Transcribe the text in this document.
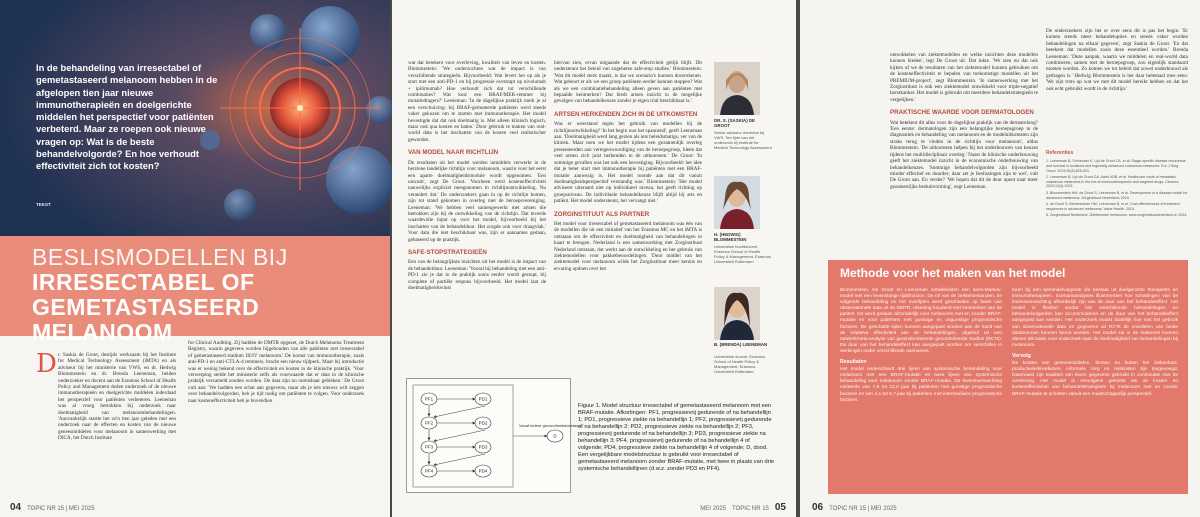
In de behandeling van irresectabel of gemetastaseerd melanoom hebben in de afgelopen tien jaar nieuwe immunotherapieën en doelgerichte middelen het perspectief voor patiënten verbeterd. Maar ze roepen ook nieuwe vragen op: Wat is de beste behandelvolgorde? En hoe verhoudt effectiviteit zich tot kosten?
TEKST
BESLISMODELLEN BIJ IRRESECTABEL OF GEMETASTASEERD MELANOOM
D r. Saskia de Groot, destijds werkzaam bij het Institute for Medical Technology Assessment (iMTA) en als adviseur bij het ministerie van VWS, en dr. Hedwig Blommestein en dr. Brenda Leeneman, beiden onderzoeker en docent aan de Erasmus School of Health Policy and Management deden onderzoek of de nieuwe immunotherapieën en doelgerichte middelen inderdaad het perspectief voor patiënten verbeteren. Leeneman was al vroeg betrokken bij onderzoek naar doelmatigheid van melanoombehandelingen. 'Aanvankelijk startte het zo'n tien jaar geleden met een onderzoek naar de effecten en kosten van de nieuwe geneesmiddelen voor melanoom in samenwerking met DICA, het Dutch Institute
for Clinical Auditing. Zij hadden de DMTR opgezet, de Dutch Melanoma Treatment Registry, waarin gegevens worden bijgehouden van alle patiënten met irresectabel of gemetastaseerd stadium III/IV melanoom.' De komst van immunotherapie, zoals anti-PD-1 en anti-CTLA-4 remmers, bracht een nieuw tijdperk. Maar bij introductie was er weinig bekend over de effectiviteit en kosten in de klinische praktijk. 'Voor verwerping stelde het ministerie zelfs als voorwaarde dat er data in de klinische praktijk verzameld zouden worden. De data zijn nu onmisbaar gebleken.' De Groot vult aan: 'We hadden een schat aan gegevens, maar als je iets nieuws wilt zeggen over behandelvolgorden, heb je tijd nodig om patiënten te volgen. Voor onderzoek naar kosteneffectiviteit heb je bovendien
04 TOPIC NR 15 | MEI 2025
wat dat betekent voor overleving, kwaliteit van leven en kosten. Blommestein: 'We onderzochten wat de impact is van verschillende strategieën. Bijvoorbeeld: Wat levert het op als je start met een anti-PD-1 en bij progressie overstapt op nivolumab + ipilimumab? Hoe verhoudt zich dat tot verschillende combinaties? Wat kost een BRAF/MEK-remmer bij mutatiedragers?' Leeneman: 'In de dagelijkse praktijk merk je al een verschuiving: bij BRAF-gemuteerde patiënten werd steeds vaker gekozen om te starten met immunotherapie. Het model bevestigde dat dat ook doelmatig is. Met alleen klinisch logisch, maar ook qua kosten en baten.' Door gebruik te maken van real-world data is het inschatten van de kosten veel realistischer geworden.
VAN MODEL NAAR RICHTLIJN
De resultaten uit het model werden inmiddels verwerkt in de herziene landelijke richtlijn voor melanoom, waarin voor het eerst een aparte doelmatigheidsmodule wordt opgenomen. 'Een unicum', zegt De Groot. 'Voorheen werd kosteneffectiviteit nauwelijks expliciet meegenomen in richtlijnontwikkeling. Nu verandert dat.' De onderzoekers gaan in op de richtlijn komen, zijn tot stand gekomen in overleg met de beroepsvereniging. Leeneman: 'We hebben veel samengewerkt met artsen die betrokken zijn bij de ontwikkeling van de richtlijn. Dat leverde waardevolle input op voor het model, bijvoorbeeld bij het inschatten van de behandelduur. Het zorgde ook voor draagvlak.' Voor data die niet beschikbaar was, zijn er aannames gedaan, gebaseerd op de praktijk.
SAFE-STOPSTRATEGIEËN
Een van de belangrijkste inzichten uit het model is de impact van de behandelduur. Leeneman: 'Vooral bij behandeling met een anti-PD-1 zie je dat in de praktijk soms eerder wordt gestopt, bij complete of partiële respons bijvoorbeeld. Het model laat de doelmatigheidswinst
hiervan zien, ervan uitgaande dat de effectiviteit gelijk blijft. Dit ondersteunt het beleid van zogeheten safe-stop studies.' Blommestein: 'Wat dit model sterk maakt, is dat we scenario's kunnen doorrekenen. Wat gebeurt er als we een groep patiënten eerder kunnen stoppen? Wat als we een combinatiebehandeling alleen geven aan patiënten met bepaalde kenmerken? Dat biedt artsen inzicht in de mogelijke gevolgen van behandelkeuzes zonder je eigen trial beschikbaar is.'
ARTSEN HERKENDEN ZICH IN DE UITKOMSTEN
Was er weerstand tegen het gebruik van modellen bij de richtlijnontwikkeling? 'In het begin was het spannend', geeft Leeneman aan. 'Doelmatigheid werd lang gezien als iets beleidsmatigs, ver van de kliniek. Maar toen we het model tijdens een gezamenlijk overleg presenteerden aan vertegenwoordiging van de beroepsgroep, bleek dat veel artsen zich juist herkenden in de uitkomsten.' De Groot: 'In sommige gevallen was het ook een bevestiging. Bijvoorbeeld: het idee dat je beter start met immunotherapie bij patiënten met een BRAF-mutatie aanwezig is. Het model toonde aan dat dit vanuit doelmatigheidsperspectief verstandig was.' Blommestein: 'Het model adviseert uiteraard niet op individueel niveau, het geeft richting op groepsniveau. De individuele behandelkeuze blijft altijd bij arts en patiënt. Het model ondersteunt, het vervangt niet.'
ZORGINSTITUUT ALS PARTNER
Het model voor irresectabel of gemetastaseerd melanoom was één van de modellen die uit een initiatief van het Erasmus MC en het iMTA is ontstaan om de effectiviteit en doelmatigheid van behandelingen in kaart te brengen. Nederland is een samenwerking met Zorginstituut Nederland ontstaan, dat werkt aan de ontwikkeling en het gebruik van ziektemodellen voor pakketbeoordelingen. 'Door middel van het ziektemodel voor melanoom wilde het Zorginstituut meer kennis en ervaring opdoen over het
DR. S. (SASKIA) DE GROOT
Senior adviseur medicine bij VWS. Ten tijde van het onderzoek bij Institute for Medical Technology Assessment
H. (HEDWIG) BLOMMESTEIN
Universitair hoofddocent, Erasmus School of Health Policy & Management, Erasmus Universiteit Rotterdam
B. (BRENDA) LEENEMAN
Universitair docent, Erasmus School of Health Policy & Management, Erasmus Universiteit Rotterdam
PF1
PF2
PF3
PF4
PD1
PD2
PD3
PD4
D
Vanaf iedere gezondheidstoestand
Figuur 1. Model structuur irresectabel of gemetastaseerd melanoom met een BRAF-mutatie. Afkortingen: PF1, progressievrij gedurende of na behandellijn 1; PD1, progressieve ziekte na behandellijn 1; PF2, progressievrij gedurende of na behandellijn 2; PD2, progressieve ziekte na behandellijn 2; PF3, progressievrij gedurende of na behandellijn 3; PD3, progressieve ziekte na behandellijn 3; PF4, progressievrij gedurende of na behandellijn 4 of volgende; PD4, progressieve ziekte na behandellijn 4 of volgende; D, dood. Een vergelijkbare modelstructuur is gebruikt voor irresectabel of gemetastaseerd melanoom zonder BRAF-mutatie, met twee in plaats van drie systemische behandellijnen (d.w.z. zonder PD3 en PF4).
MEI 2025 TOPIC NR 15 05
ontwikkelen van ziektemodellen en welke inzichten deze modellen kunnen bieden', legt De Groot uit. Dat lukte. 'We zien nu dat ook kijken of we de resultaten van het ziektemodel kunnen gebruiken om de kosteneffectiviteit te bepalen van toekomstige modellen uit het PREMIUM-project', zegt Blommestein. 'In samenwerking met het Zorginstituut is ook een ziektemodel ontwikkeld voor triple-negatief borstkanker. Het model is gebruikt om meerdere behandelstrategieën te vergelijken.'
PRAKTISCHE WAARDE VOOR DERMATOLOGEN
Wat betekent dit alles voor de dagelijkse praktijk van de dermatoloog? 'Een eerste: dermatologen zijn een belangrijke beroepsgroep in de diagnostiek en behandeling van melanoom en de modeluitkomsten zijn straks terug te vinden in de richtlijn voor melanoom', aldus Blommestein. 'De uitkomsten helpen bij het onderbouwen van keuzes tijdens het multidisciplinair overleg.' Naast de klinische onderbouwing geeft het ziektemodel inzicht in de economische onderbouwing van behandelkeuzes. 'Sommige behandelvolgorden zijn bijvoorbeeld minder effectief en duurder; daar zet je beslissingen zijn te wel', vult De Groot aan. En verder? 'We hopen dat dit de deur opent naar meer gezamenlijke besluitvorming', zegt Leeneman.
De onderzoekers zijn het er over eens dit is pas het begin. 'Er komen steeds meer behandelopties en steeds vaker worden behandelingen na elkaar gegeven', zegt Saskia de Groot. 'En dat betekent dat modellen zoals deze essentieel worden.' Brenda Leeneman: 'Deze aanpak, waarin we middelen en real-world data combineren, samen met de beroepsgroep, zou eigenlijk standaard moeten worden. Zo komen we tot beleid dat zowel onderbouwd als gedragen is.' Hedwig Blommestein is het daar helemaal mee eens: 'We zijn trots op wat we met dit model bereikt hebben en dat het ook echt gebruikt wordt in de richtlijn.'
Referenties
1. Leeneman B, Schreuder K, Uyl-de Groot CA, et al. Stage-specific disease recurrence and survival in localized and regionally advanced cutaneous melanoma. Eur J Surg Oncol. 2019;45(5):825-831.
2. Leeneman B, Uyl-de Groot CA, Aarts MJB, et al. Healthcare costs of metastatic cutaneous melanoma in the era of immunotherapeutic and targeted drugs. Cancers. 2020;12(4):1003.
3. Blommestein HM, de Groot S, Leeneman B, et al. Development of a disease model for advanced melanoma. Zorginstituut Nederland; 2023.
4. de Groot S, Blommestein HM, Leeneman B, et al. Cost-effectiveness of treatment sequences in advanced melanoma. Value Health. 2024.
5. Zorginstituut Nederland. Ziektemodel melanoom. www.zorginstituutnederland.nl. 2024.
Methode voor het maken van het model
Blommestein, De Groot en Leeneman ontwikkelden een semi-Markov-model met een levenslange tijdshorizon. De rol van de ziektetoestanden, de volgende behandeling en het overlijden werd gescheiden op basis van observationele data uit de DMTR, rekening houdend met kenmerken van de patiënt. Dit werd gedaan afzonderlijk voor melanoom met en zonder BRAF-mutatie en voor patiënten met gunstige en ongunstige prognostische factoren. De geschatte tijden kunnen aangepast worden aan de hand van de relatieve effectiviteit van de behandelingen, afgeleid uit een netwerkmeta-analyse van gerandomiseerde gecontroleerde studies (RCTs). De duur van het behandeleffect kan aangepast worden om verschillen in werkingen onder verschillende aannames.
Resultaten
Het model onderscheidt drie lijnen van systemische behandeling voor melanoom met een BRAF-mutatie en twee lijnen van systemische behandeling voor melanoom zonder BRAF-mutatie. De levensverwachting varieerde van 7,8 tot 12,0 jaar bij patiënten met gunstige prognostische factoren en van 4,1 tot 6,7 jaar bij patiënten met intermediaire prognostische factoren.
toren bij een behandelvolgorde die bestaat uit doelgerichte therapieën en immunotherapieën. Scenarioanalyses illustreerden hoe schattingen van de levensverwachting afhankelijk zijn van de duur van het behandeleffect. Het model is flexibel omdat het verschillende behandelingen en behandelvolgorden kan accommoderen en de duur van het behandeleffect aangepast kan worden. Het onderzoek maakt duidelijk hoe met het gebruik van observationele data en gegevens uit RCTs de voordelen van beide databronnen kunnen benut worden. Het model zal in de toekomst kunnen dienen als basis voor onderzoek naar de doelmatigheid van behandelingen bij melanoom.
Vervolg
De kosten van geneesmiddelen, binnen en buiten het ziekenhuis, productiviteitsverliezen, informele zorg en reiskosten zijn toegevoegd. Daarnaast zijn kwaliteit van leven gegevens gebruikt in combinatie met de overleving. Het model is vervolgens getoetst om de kosten en kosteneffectiviteit van behandelstrategieën bij melanoom met en zonder BRAF-mutatie te schatten vanuit een maatschappelijk perspectief.
06 TOPIC NR 15 | MEI 2025
